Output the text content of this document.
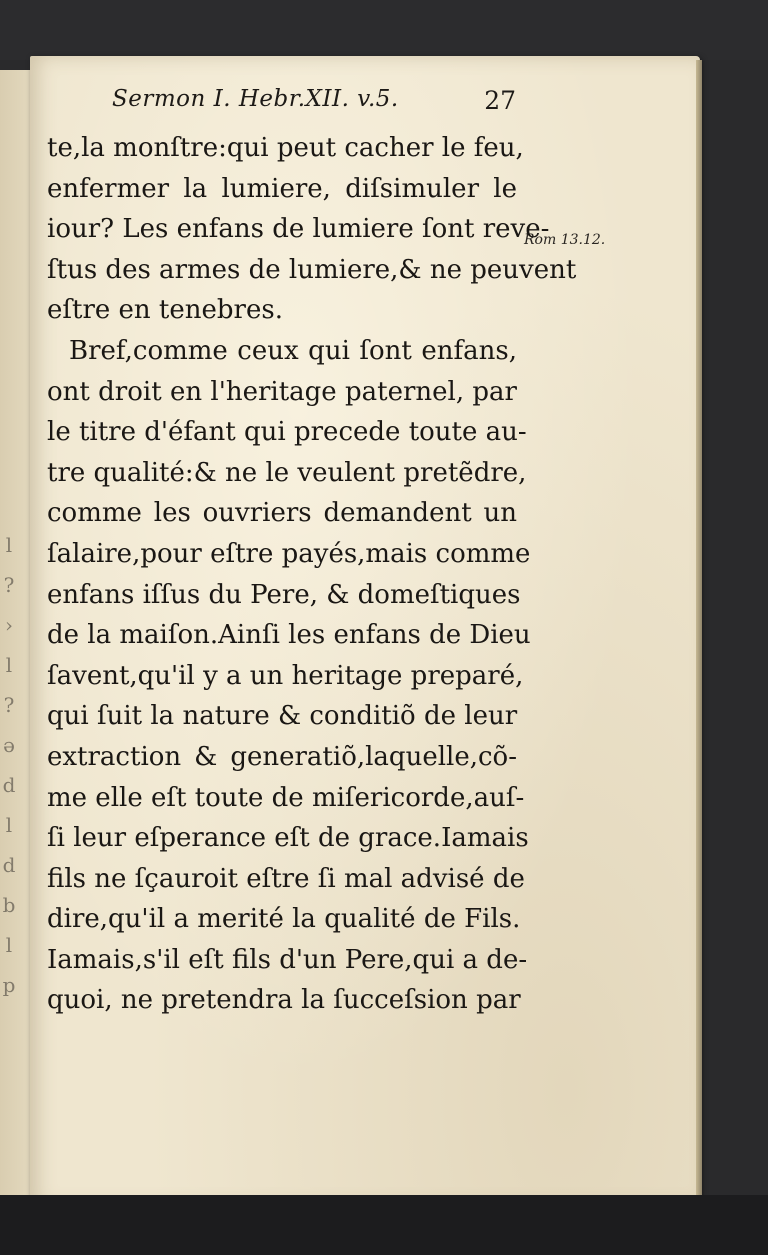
l
?
›
l
?
ə
d
l
d
b
l
p
Sermon I. Hebr.XII. v.5.	27
Rom 13.12.
te,la monſtre:qui peut cacher le feu,
enfermer la lumiere, diſsimuler le
iour? Les enfans de lumiere ſont reve-
ſtus des armes de lumiere,& ne peuvent
eſtre en tenebres.
Bref,comme ceux qui ſont enfans,
ont droit en l'heritage paternel, par
le titre d'éfant qui precede toute au-
tre qualité:& ne le veulent pretẽdre,
comme les ouvriers demandent un
ſalaire,pour eſtre payés,mais comme
enfans iſſus du Pere, & domeſtiques
de la maiſon.Ainſi les enfans de Dieu
ſavent,qu'il y a un heritage preparé,
qui ſuit la nature & conditiõ de leur
extraction & generatiõ,laquelle,cõ-
me elle eſt toute de miſericorde,auſ-
ſi leur eſperance eſt de grace.Iamais
fils ne ſçauroit eſtre ſi mal advisé de
dire,qu'il a merité la qualité de Fils.
Iamais,s'il eſt fils d'un Pere,qui a de-
quoi, ne pretendra la ſucceſsion par
